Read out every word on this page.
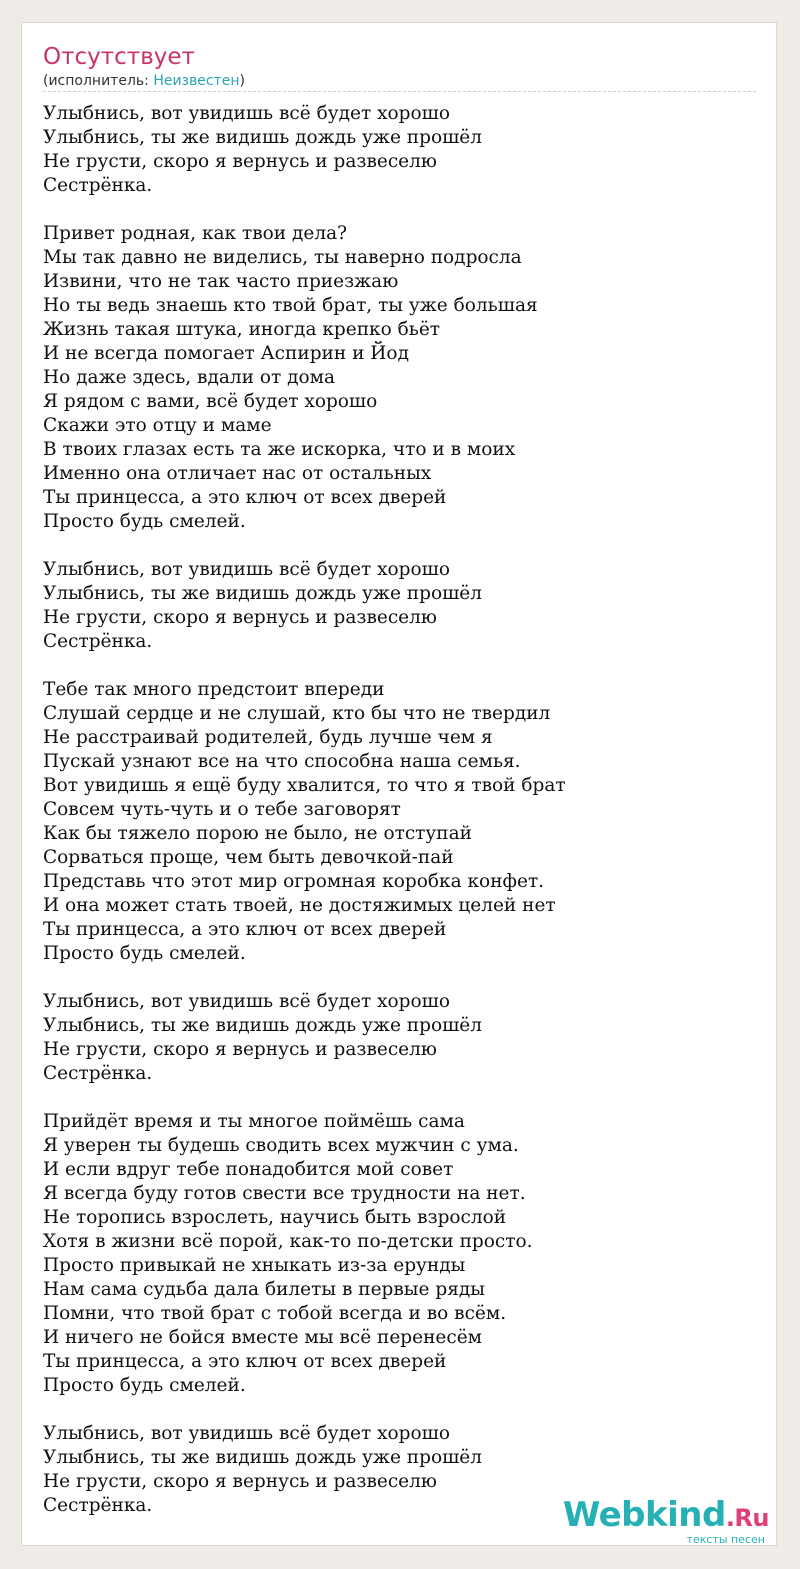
Отсутствует
(исполнитель: Неизвестен)
Улыбнись, вот увидишь всё будет хорошо
Улыбнись, ты же видишь дождь уже прошёл
Не грусти, скоро я вернусь и развеселю
Сестрёнка.
Привет родная, как твои дела?
Мы так давно не виделись, ты наверно подросла
Извини, что не так часто приезжаю
Но ты ведь знаешь кто твой брат, ты уже большая
Жизнь такая штука, иногда крепко бьёт
И не всегда помогает Аспирин и Йод
Но даже здесь, вдали от дома
Я рядом с вами, всё будет хорошо
Скажи это отцу и маме
В твоих глазах есть та же искорка, что и в моих
Именно она отличает нас от остальных
Ты принцесса, а это ключ от всех дверей
Просто будь смелей.
Улыбнись, вот увидишь всё будет хорошо
Улыбнись, ты же видишь дождь уже прошёл
Не грусти, скоро я вернусь и развеселю
Сестрёнка.
Тебе так много предстоит впереди
Слушай сердце и не слушай, кто бы что не твердил
Не расстраивай родителей, будь лучше чем я
Пускай узнают все на что способна наша семья.
Вот увидишь я ещё буду хвалится, то что я твой брат
Совсем чуть-чуть и о тебе заговорят
Как бы тяжело порою не было, не отступай
Сорваться проще, чем быть девочкой-пай
Представь что этот мир огромная коробка конфет.
И она может стать твоей, не достяжимых целей нет
Ты принцесса, а это ключ от всех дверей
Просто будь смелей.
Улыбнись, вот увидишь всё будет хорошо
Улыбнись, ты же видишь дождь уже прошёл
Не грусти, скоро я вернусь и развеселю
Сестрёнка.
Прийдёт время и ты многое поймёшь сама
Я уверен ты будешь сводить всех мужчин с ума.
И если вдруг тебе понадобится мой совет
Я всегда буду готов свести все трудности на нет.
Не торопись взрослеть, научись быть взрослой
Хотя в жизни всё порой, как-то по-детски просто.
Просто привыкай не хныкать из-за ерунды
Нам сама судьба дала билеты в первые ряды
Помни, что твой брат с тобой всегда и во всём.
И ничего не бойся вместе мы всё перенесём
Ты принцесса, а это ключ от всех дверей
Просто будь смелей.
Улыбнись, вот увидишь всё будет хорошо
Улыбнись, ты же видишь дождь уже прошёл
Не грусти, скоро я вернусь и развеселю
Сестрёнка.	Webkind.Ru
тексты песен
